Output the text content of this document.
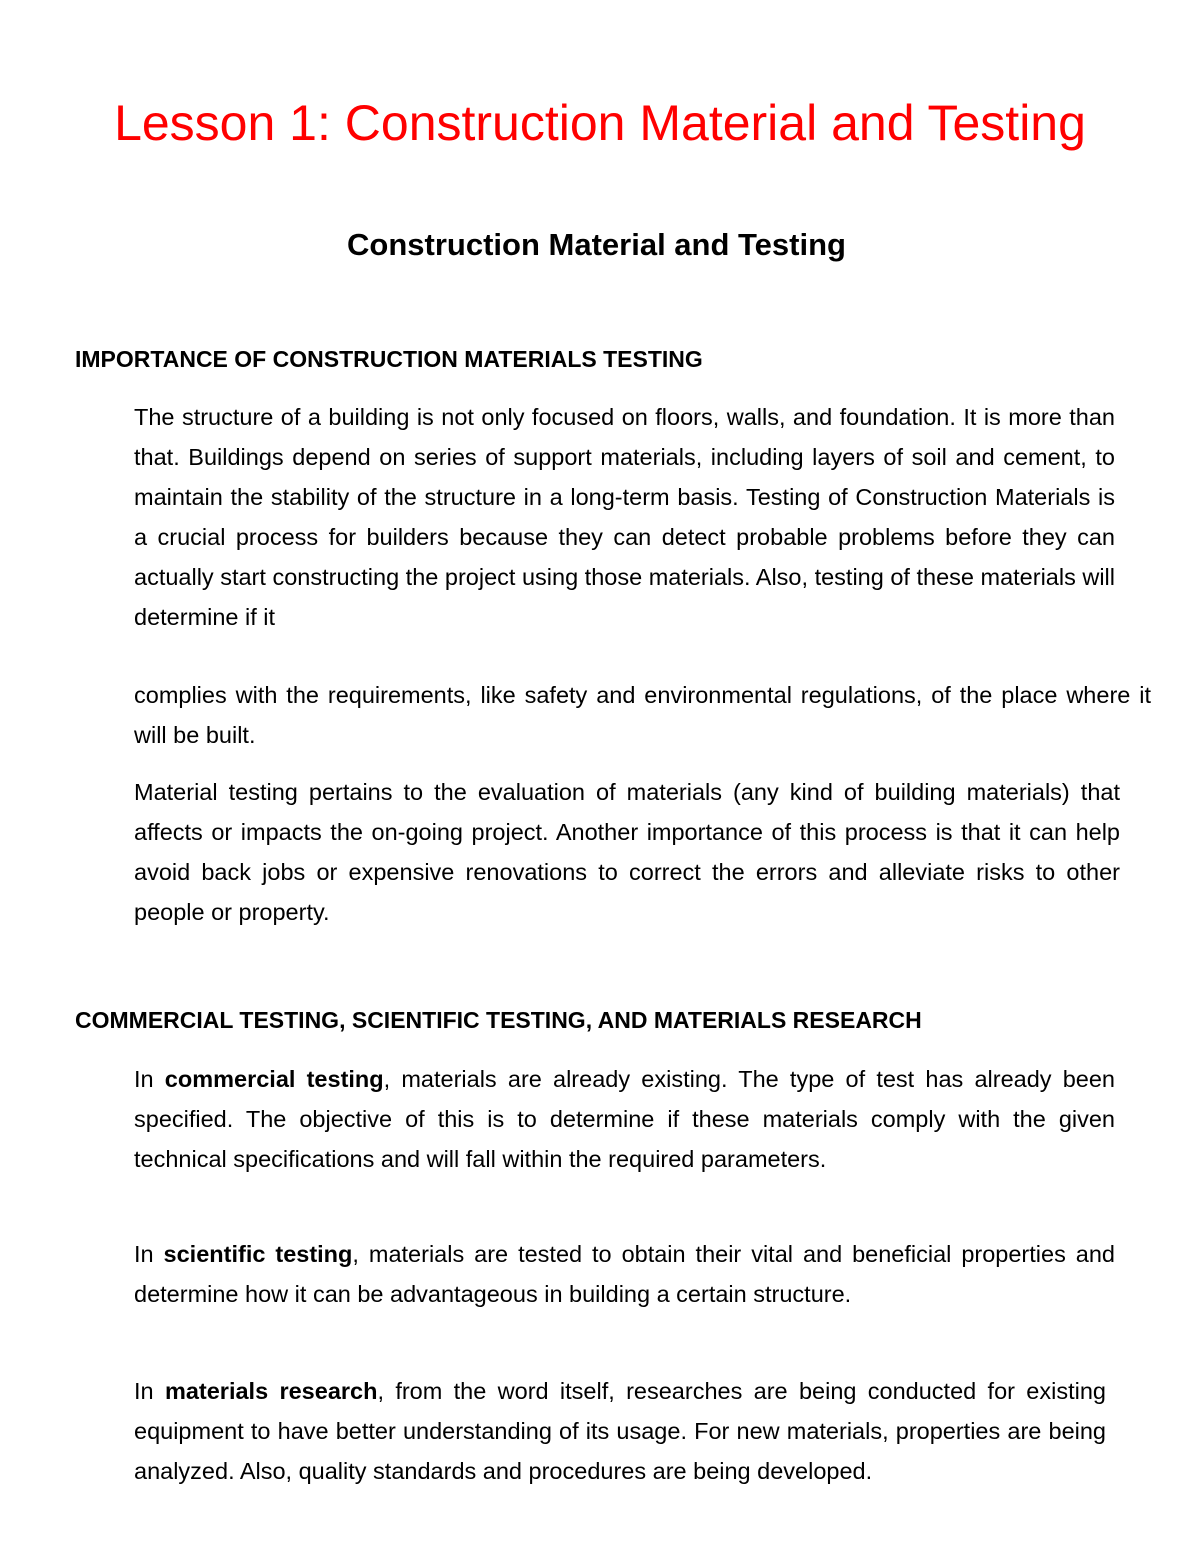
Lesson 1: Construction Material and Testing
Construction Material and Testing
IMPORTANCE OF CONSTRUCTION MATERIALS TESTING

The structure of a building is not only focused on floors, walls, and foundation. It is more than that. Buildings depend on series of support materials, including layers of soil and cement, to maintain the stability of the structure in a long-term basis. Testing of Construction Materials is a crucial process for builders because they can detect probable problems before they can actually start constructing the project using those materials. Also, testing of these materials will determine if it

complies with the requirements, like safety and environmental regulations, of the place where it will be built.

Material testing pertains to the evaluation of materials (any kind of building materials) that affects or impacts the on-going project. Another importance of this process is that it can help avoid back jobs or expensive renovations to correct the errors and alleviate risks to other people or property.

COMMERCIAL TESTING, SCIENTIFIC TESTING, AND MATERIALS RESEARCH

In commercial testing, materials are already existing. The type of test has already been specified. The objective of this is to determine if these materials comply with the given technical specifications and will fall within the required parameters.

In scientific testing, materials are tested to obtain their vital and beneficial properties and determine how it can be advantageous in building a certain structure.

In materials research, from the word itself, researches are being conducted for existing equipment to have better understanding of its usage. For new materials, properties are being analyzed. Also, quality standards and procedures are being developed.
